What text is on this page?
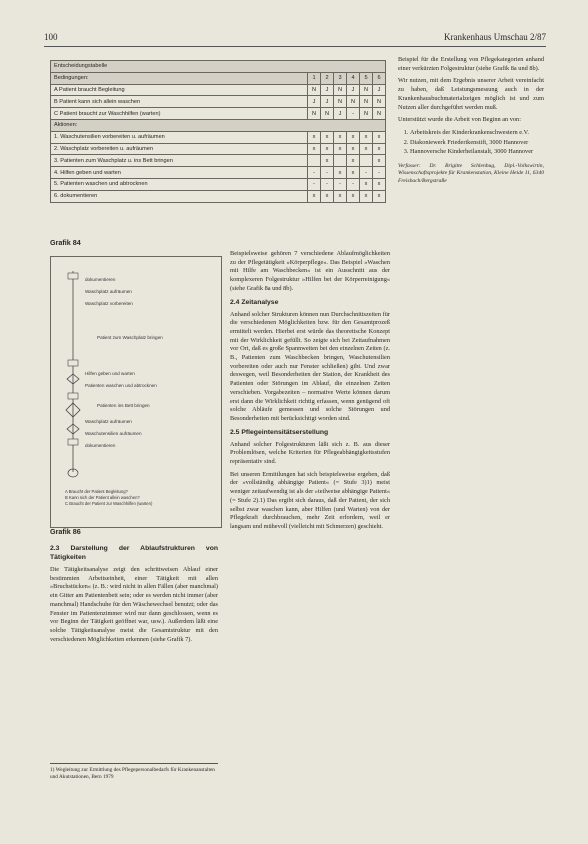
100	Krankenhaus Umschau 2/87
Entscheidungstabelle						
Bedingungen:	1	2	3	4	5	6
A Patient braucht Begleitung	N	J	N	J	N	J
B Patient kann sich allein waschen	J	J	N	N	N	N
C Patient braucht zur Waschhilfen (warten)	N	N	J	-	N	N
Aktionen:						
1. Waschutensilien vorbereiten u. aufräumen	x	x	x	x	x	x
2. Waschplatz vorbereiten u. aufräumen	x	x	x	x	x	x
3. Patienten zum Waschplatz u. ins Bett bringen		x		x		x
4. Hilfen geben und warten	-	-	x	x	-	-
5. Patienten waschen und abtrocknen	-	-	-	-	x	x
6. dokumentieren	x	x	x	x	x	x
Grafik 84
dokumentieren
Waschplatz aufräumen
Waschplatz vorbereiten
Patient zum Waschplatz bringen
Hilfen geben und warten
Patienten waschen und abtrocknen
Patienten ins Bett bringen
Waschplatz aufräumen
Waschutensilien aufräumen
dokumentieren
A Braucht der Patient Begleitung?
B Kann sich der Patient allein waschen?
C Braucht der Patient zur Waschhilfen (warten)
Grafik 86
2.3 Darstellung der Ablaufstrukturen von Tätigkeiten

Die Tätigkeitsanalyse zeigt den schrittweisen Ablauf einer bestimmten Arbeitseinheit, einer Tätigkeit mit allen »Bruchstücken« (z. B.: wird nicht in allen Fällen (aber manchmal) ein Gitter am Patientenbett sein; oder es werden nicht immer (aber manchmal) Handschuhe für den Wäschewechsel benutzt; oder das Fenster im Patientenzimmer wird nur dann geschlossen, wenn es vor Beginn der Tätigkeit geöffnet war, usw.). Außerdem läßt eine solche Tätigkeitsanalyse meist die Gesamtstruktur mit den verschiedenen Möglichkeiten erkennen (siehe Grafik 7).

1) Wegleitung zur Ermittlung des Pflegepersonalbedarfs für Krankenanstalten und Akutstationen, Bern 1979

Beispielsweise gehören 7 verschiedene Ablaufmöglichkeiten zu der Pflegetätigkeit »Körperpflege«. Das Beispiel »Waschen mit Hilfe am Waschbecken« ist ein Ausschnitt aus der komplexeren Folgestruktur »Hilfen bei der Körperreinigung« (siehe Grafik 8a und 8b).

2.4 Zeitanalyse

Anhand solcher Strukturen können nun Durchschnittszeiten für die verschiedenen Möglichkeiten bzw. für den Gesamtprozeß ermittelt werden. Hierbei erst würde das theoretische Konzept mit der Wirklichkeit gefüllt. So zeigte sich bei Zeitaufnahmen vor Ort, daß es große Spannweiten bei den einzelnen Zeiten (z. B., Patienten zum Waschbecken bringen, Waschutensilien vorbereiten oder auch nur Fenster schließen) gibt. Und zwar deswegen, weil Besonderheiten der Station, der Krankheit des Patienten oder Störungen im Ablauf, die einzelnen Zeiten verschieben. Vorgabezeiten – normative Werte können darum erst dann die Wirklichkeit richtig erfassen, wenn genügend oft solche Abläufe gemessen und solche Störungen und Besonderheiten mit berücksichtigt worden sind.

2.5 Pflegeintensitätserstellung

Anhand solcher Folgestrukturen läßt sich z. B. aus dieser Problemlösen, welche Kriterien für Pflegeabhängigkeitsstufen repräsentativ sind.

Bei unseren Ermittlungen hat sich beispielsweise ergeben, daß der »vollständig abhängige Patient« (= Stufe 3)1) meist weniger zeitaufwendig ist als der »teilweise abhängige Patient« (= Stufe 2).1) Das ergibt sich daraus, daß der Patient, der sich selbst zwar waschen kann, aber Hilfen (und Warten) von der Pflegekraft durchbrauchen, mehr Zeit erfordern, weil er langsam und mühevoll (vielleicht mit Schmerzen) geschieht.

Beispiel für die Erstellung von Pflegekategorien anhand einer verkürzten Folgestruktur (siehe Grafik 8a und 8b).

Wir nutzen, mit dem Ergebnis unserer Arbeit vereinfacht zu haben, daß Leistungsmessung auch in der Krankenhausbuchmaterialzeigen möglich ist und zum Nutzen aller durchgeführt werden muß.

Unterstützt wurde die Arbeit von Beginn an von:

1. Arbeitskreis der Kinderkrankenschwestern e.V.
2. Diakoniewerk Friederikenstift, 3000 Hannover
3. Hannoversche Kinderheilanstalt, 3000 Hannover

Verfasser: Dr. Brigitte Schlenbug, Dipl.-Volkswirtin, Wissenschaftsprojekte für Krankenstation, Kleine Heide 11, 6340 Freisbach/Bergstraße
